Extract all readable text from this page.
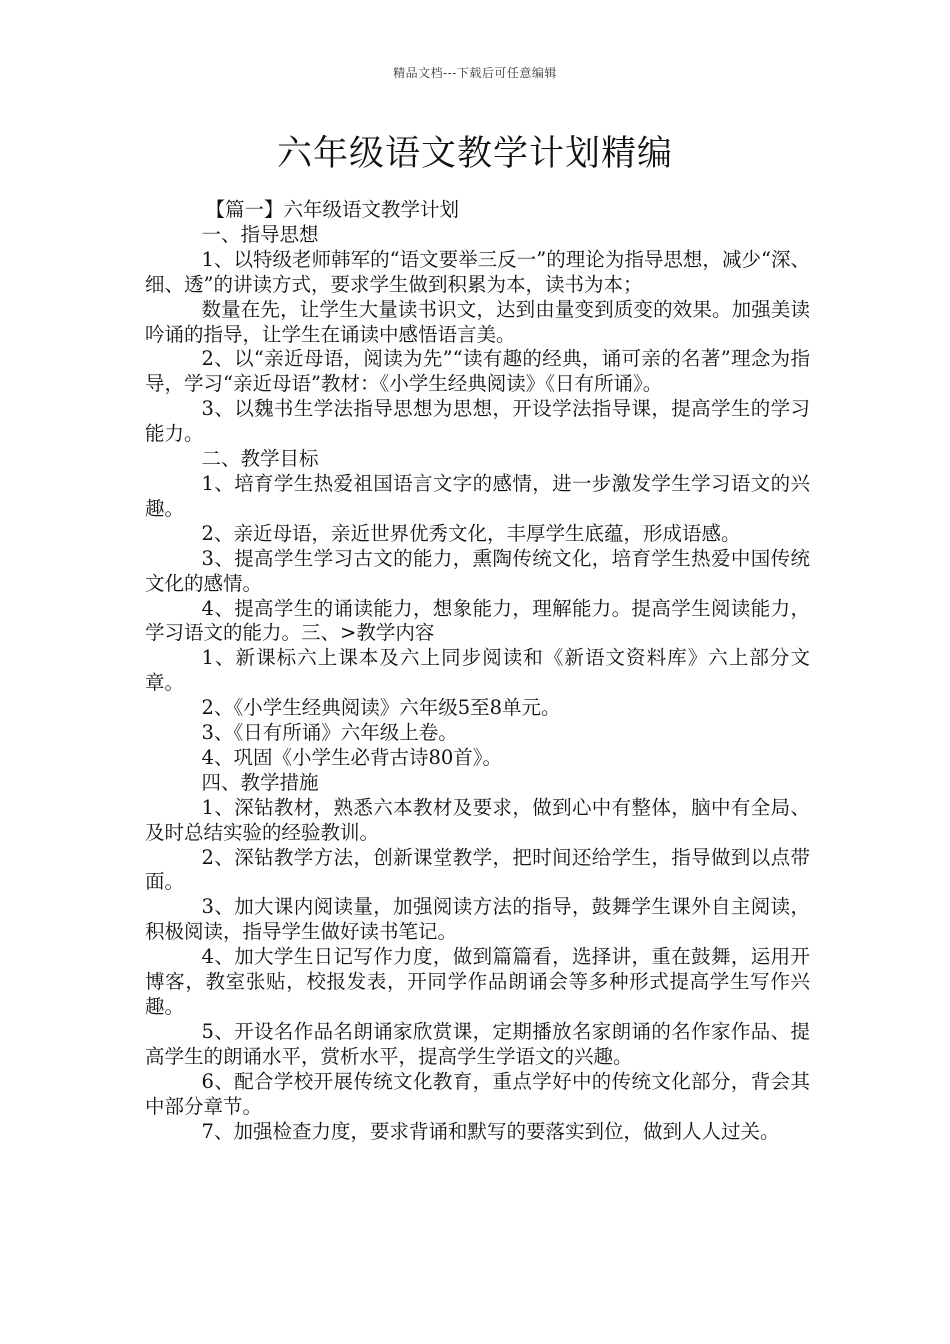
精品文档---下载后可任意编辑
六年级语文教学计划精编

【篇一】六年级语文教学计划

一、指导思想

1、以特级老师韩军的“语文要举三反一”的理论为指导思想，减少“深、细、透”的讲读方式，要求学生做到积累为本，读书为本；

数量在先，让学生大量读书识文，达到由量变到质变的效果。加强美读吟诵的指导，让学生在诵读中感悟语言美。

2、以“亲近母语，阅读为先”“读有趣的经典，诵可亲的名著”理念为指导，学习“亲近母语”教材：《小学生经典阅读》《日有所诵》。

3、以魏书生学法指导思想为思想，开设学法指导课，提高学生的学习能力。

二、教学目标

1、培育学生热爱祖国语言文字的感情，进一步激发学生学习语文的兴趣。

2、亲近母语，亲近世界优秀文化，丰厚学生底蕴，形成语感。

3、提高学生学习古文的能力，熏陶传统文化，培育学生热爱中国传统文化的感情。

4、提高学生的诵读能力，想象能力，理解能力。提高学生阅读能力，学习语文的能力。三、>教学内容

1、新课标六上课本及六上同步阅读和《新语文资料库》六上部分文章。

2、《小学生经典阅读》六年级5至8单元。

3、《日有所诵》六年级上卷。

4、巩固《小学生必背古诗80首》。

四、教学措施

1、深钻教材，熟悉六本教材及要求，做到心中有整体，脑中有全局、及时总结实验的经验教训。

2、深钻教学方法，创新课堂教学，把时间还给学生，指导做到以点带面。

3、加大课内阅读量，加强阅读方法的指导，鼓舞学生课外自主阅读，积极阅读，指导学生做好读书笔记。

4、加大学生日记写作力度，做到篇篇看，选择讲，重在鼓舞，运用开博客，教室张贴，校报发表，开同学作品朗诵会等多种形式提高学生写作兴趣。

5、开设名作品名朗诵家欣赏课，定期播放名家朗诵的名作家作品、提高学生的朗诵水平，赏析水平，提高学生学语文的兴趣。

6、配合学校开展传统文化教育，重点学好中的传统文化部分，背会其中部分章节。

7、加强检查力度，要求背诵和默写的要落实到位，做到人人过关。
